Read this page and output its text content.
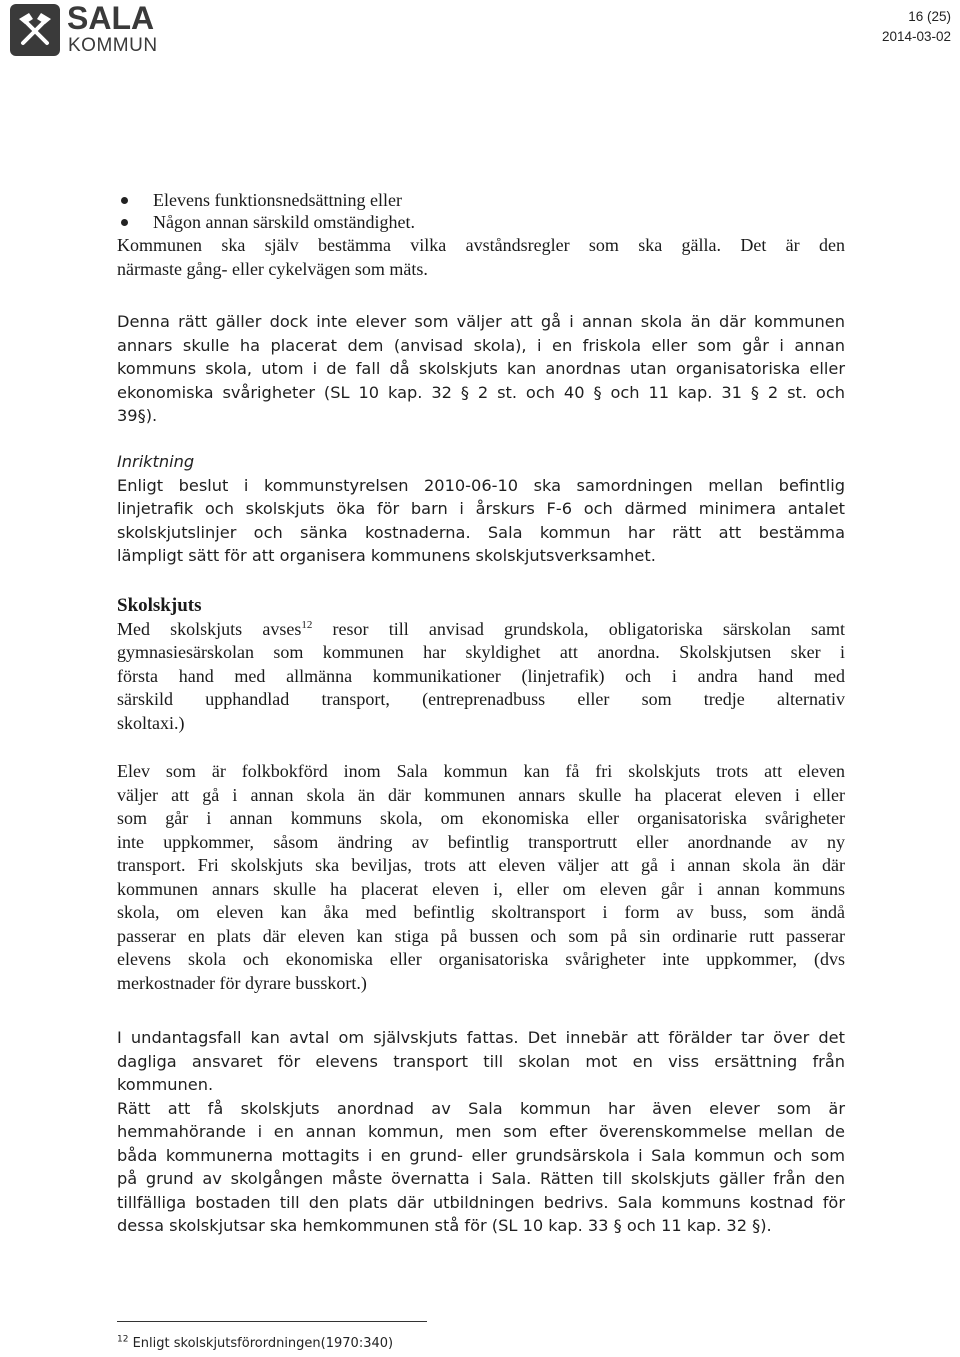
SALA
KOMMUN
16 (25)
2014-03-02
Elevens funktionsnedsättning eller
Någon annan särskild omständighet.
Kommunen ska själv bestämma vilka avståndsregler som ska gälla. Det är den
närmaste gång- eller cykelvägen som mäts.
Denna rätt gäller dock inte elever som väljer att gå i annan skola än där kommunen
annars skulle ha placerat dem (anvisad skola), i en friskola eller som går i annan
kommuns skola, utom i de fall då skolskjuts kan anordnas utan organisatoriska eller
ekonomiska svårigheter (SL 10 kap. 32 § 2 st. och 40 § och 11 kap. 31 § 2 st. och
39§).
Inriktning
Enligt beslut i kommunstyrelsen 2010-06-10 ska samordningen mellan befintlig
linjetrafik och skolskjuts öka för barn i årskurs F-6 och därmed minimera antalet
skolskjutslinjer och sänka kostnaderna. Sala kommun har rätt att bestämma
lämpligt sätt för att organisera kommunens skolskjutsverksamhet.
Skolskjuts
Med skolskjuts avses$^{12}$ resor till anvisad grundskola, obligatoriska särskolan samt
gymnasiesärskolan som kommunen har skyldighet att anordna. Skolskjutsen sker i
första hand med allmänna kommunikationer (linjetrafik) och i andra hand med
särskild upphandlad transport, (entreprenadbuss eller som tredje alternativ
skoltaxi.)
Elev som är folkbokförd inom Sala kommun kan få fri skolskjuts trots att eleven
väljer att gå i annan skola än där kommunen annars skulle ha placerat eleven i eller
som går i annan kommuns skola, om ekonomiska eller organisatoriska svårigheter
inte uppkommer, såsom ändring av befintlig transportrutt eller anordnande av ny
transport. Fri skolskjuts ska beviljas, trots att eleven väljer att gå i annan skola än där
kommunen annars skulle ha placerat eleven i, eller om eleven går i annan kommuns
skola, om eleven kan åka med befintlig skoltransport i form av buss, som ändå
passerar en plats där eleven kan stiga på bussen och som på sin ordinarie rutt passerar
elevens skola och ekonomiska eller organisatoriska svårigheter inte uppkommer, (dvs
merkostnader för dyrare busskort.)
I undantagsfall kan avtal om självskjuts fattas. Det innebär att förälder tar över det
dagliga ansvaret för elevens transport till skolan mot en viss ersättning från
kommunen.
Rätt att få skolskjuts anordnad av Sala kommun har även elever som är
hemmahörande i en annan kommun, men som efter överenskommelse mellan de
båda kommunerna mottagits i en grund- eller grundsärskola i Sala kommun och som
på grund av skolgången måste övernatta i Sala. Rätten till skolskjuts gäller från den
tillfälliga bostaden till den plats där utbildningen bedrivs. Sala kommuns kostnad för
dessa skolskjutsar ska hemkommunen stå för (SL 10 kap. 33 § och 11 kap. 32 §).
$^{12}$ Enligt skolskjutsförordningen(1970:340)
